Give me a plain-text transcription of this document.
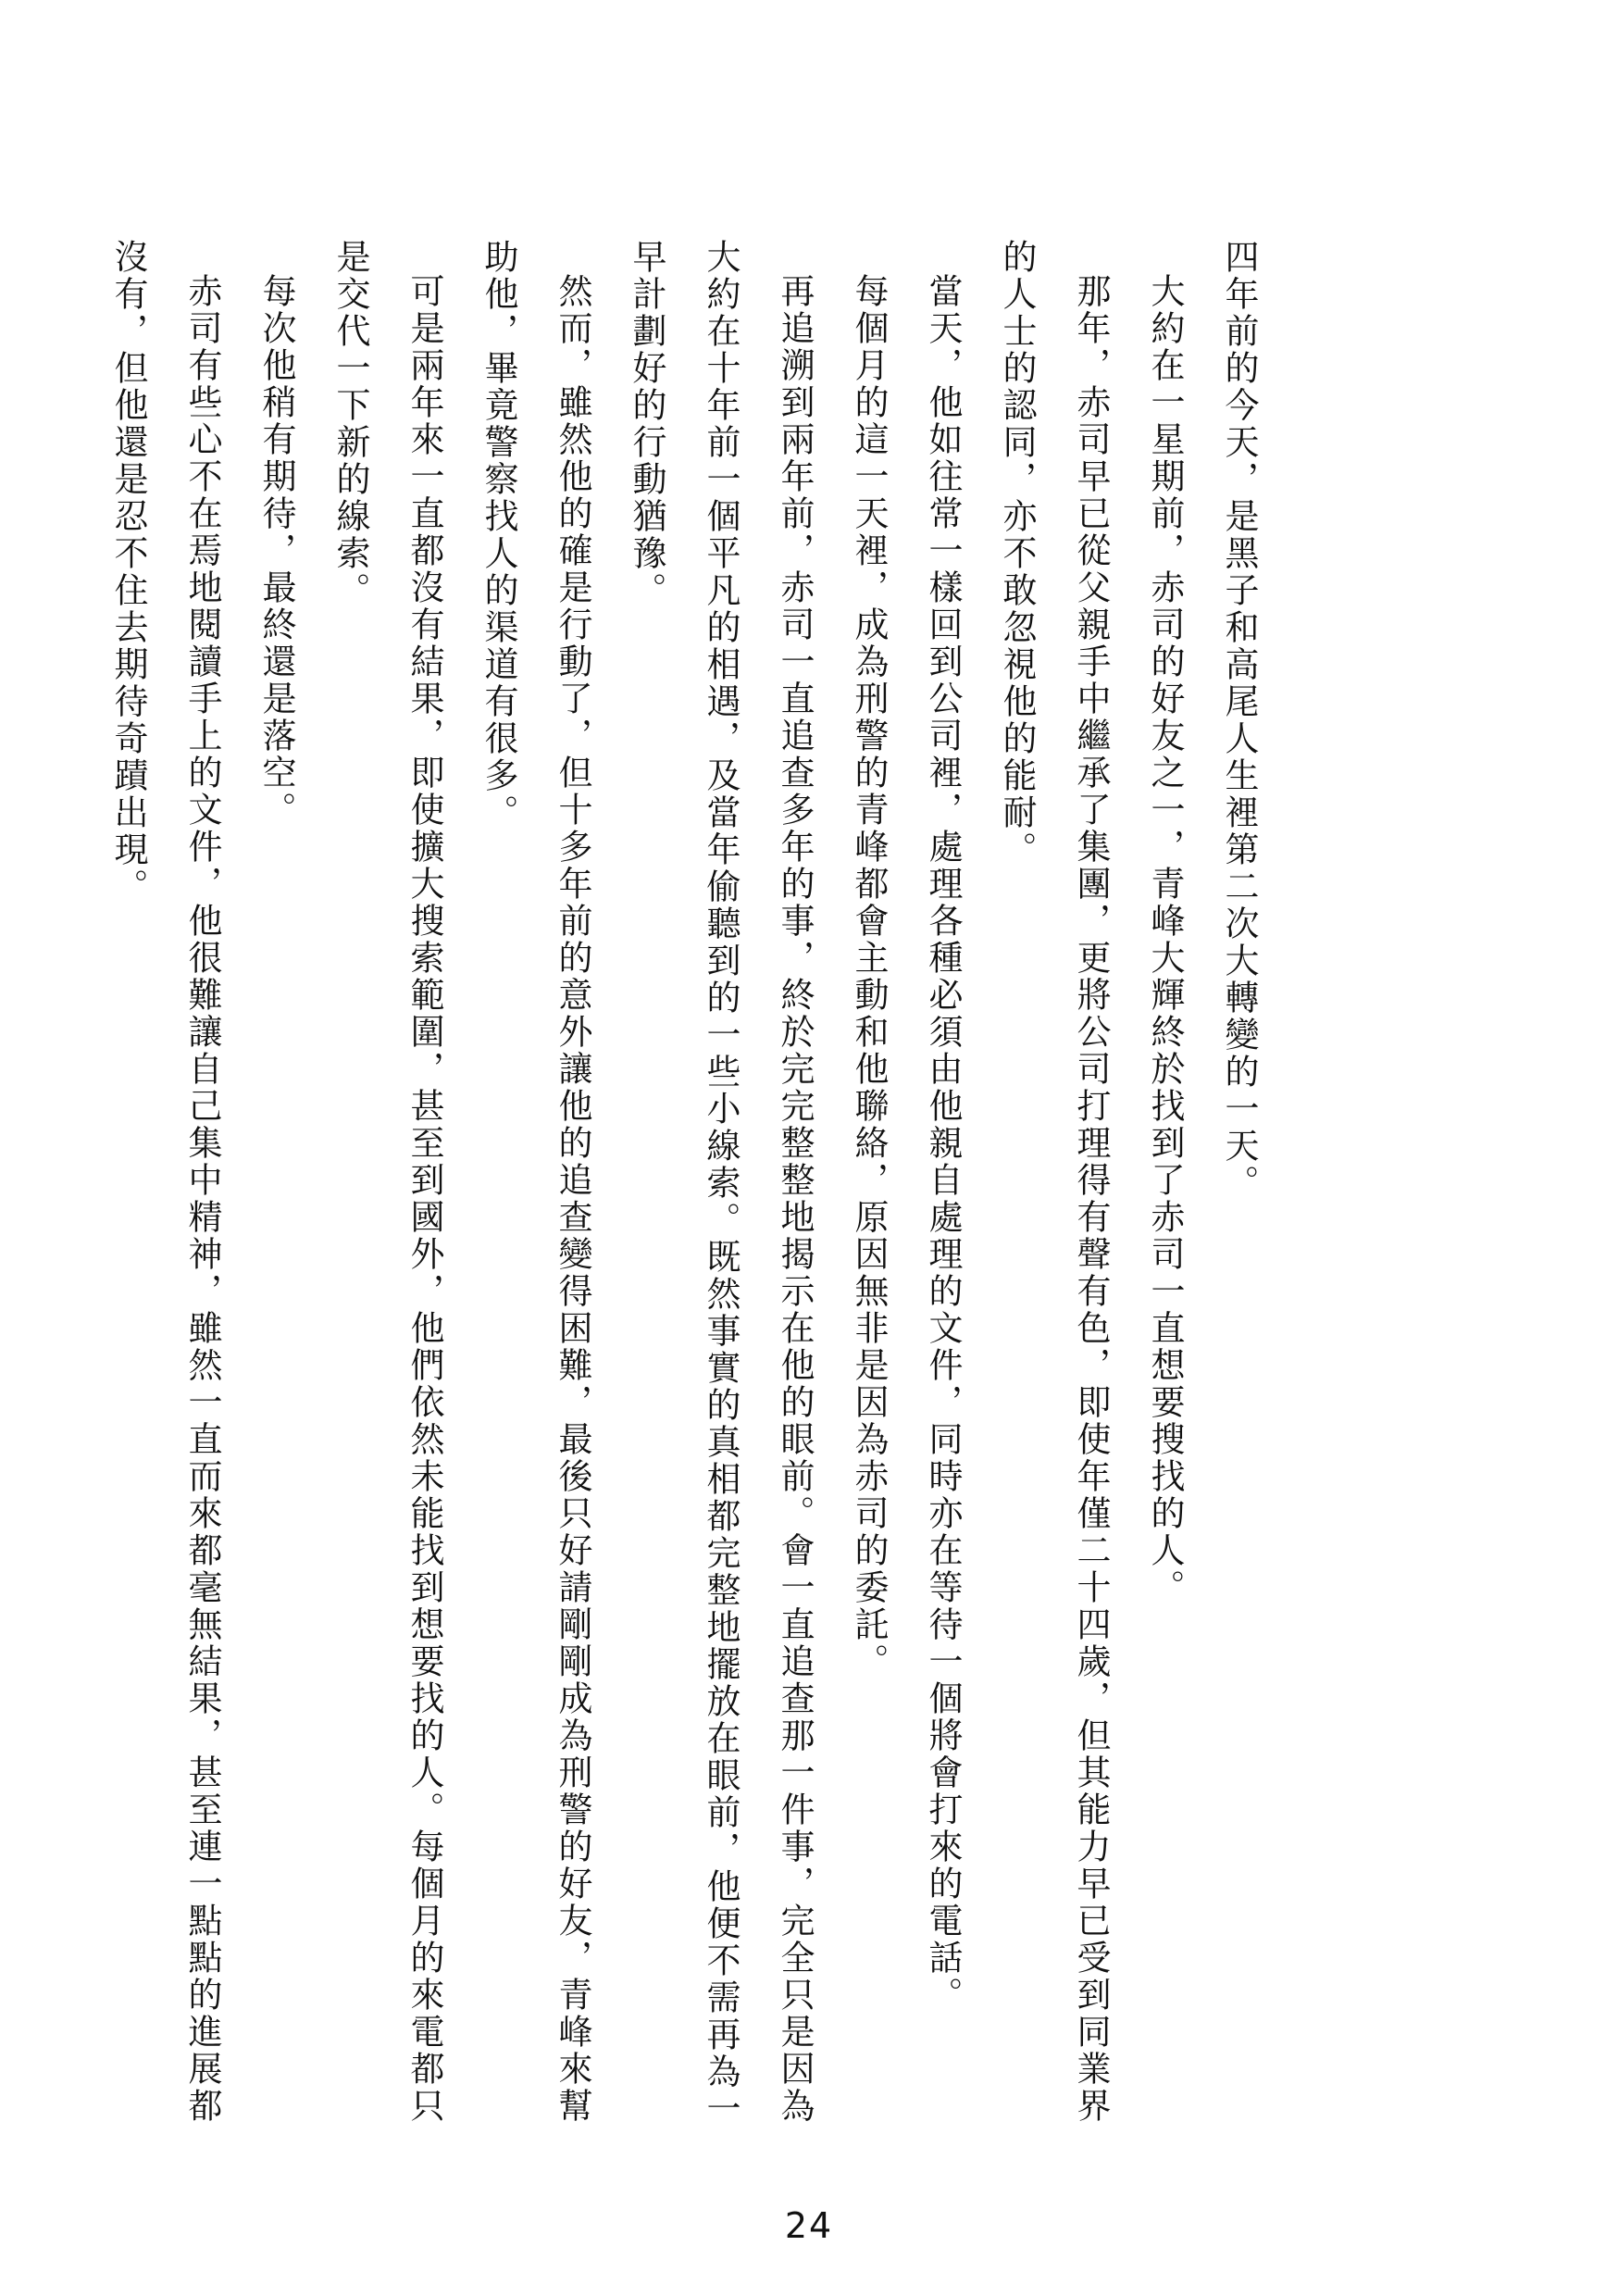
四年前的今天，是黑子和高尾人生裡第二次大轉變的一天。

大約在一星期前，赤司的好友之一，青峰大輝終於找到了赤司一直想要搜找的人。

那年，赤司早已從父親手中繼承了集團，更將公司打理得有聲有色，即使年僅二十四歲，但其能力早已受到同業界的人士的認同，亦不敢忽視他的能耐。

當天，他如往常一樣回到公司裡，處理各種必須由他親自處理的文件，同時亦在等待一個將會打來的電話。

每個月的這一天裡，成為刑警的青峰都會主動和他聯絡，原因無非是因為赤司的委託。

再追溯到兩年前，赤司一直追查多年的事，終於完完整整地揭示在他的眼前。會一直追查那一件事，完全只是因為大約在十年前一個平凡的相遇，及當年偷聽到的一些小線索。既然事實的真相都完整地擺放在眼前，他便不需再為一早計劃好的行動猶豫。

然而，雖然他的確是行動了，但十多年前的意外讓他的追查變得困難，最後只好請剛剛成為刑警的好友，青峰來幫助他，畢竟警察找人的渠道有很多。

可是兩年來一直都沒有結果，即使擴大搜索範圍，甚至到國外，他們依然未能找到想要找的人。每個月的來電都只是交代一下新的線索。

每次他稍有期待，最終還是落空。

赤司有些心不在焉地閱讀手上的文件，他很難讓自己集中精神，雖然一直而來都毫無結果，甚至連一點點的進展都沒有，但他還是忍不住去期待奇蹟出現。

24
